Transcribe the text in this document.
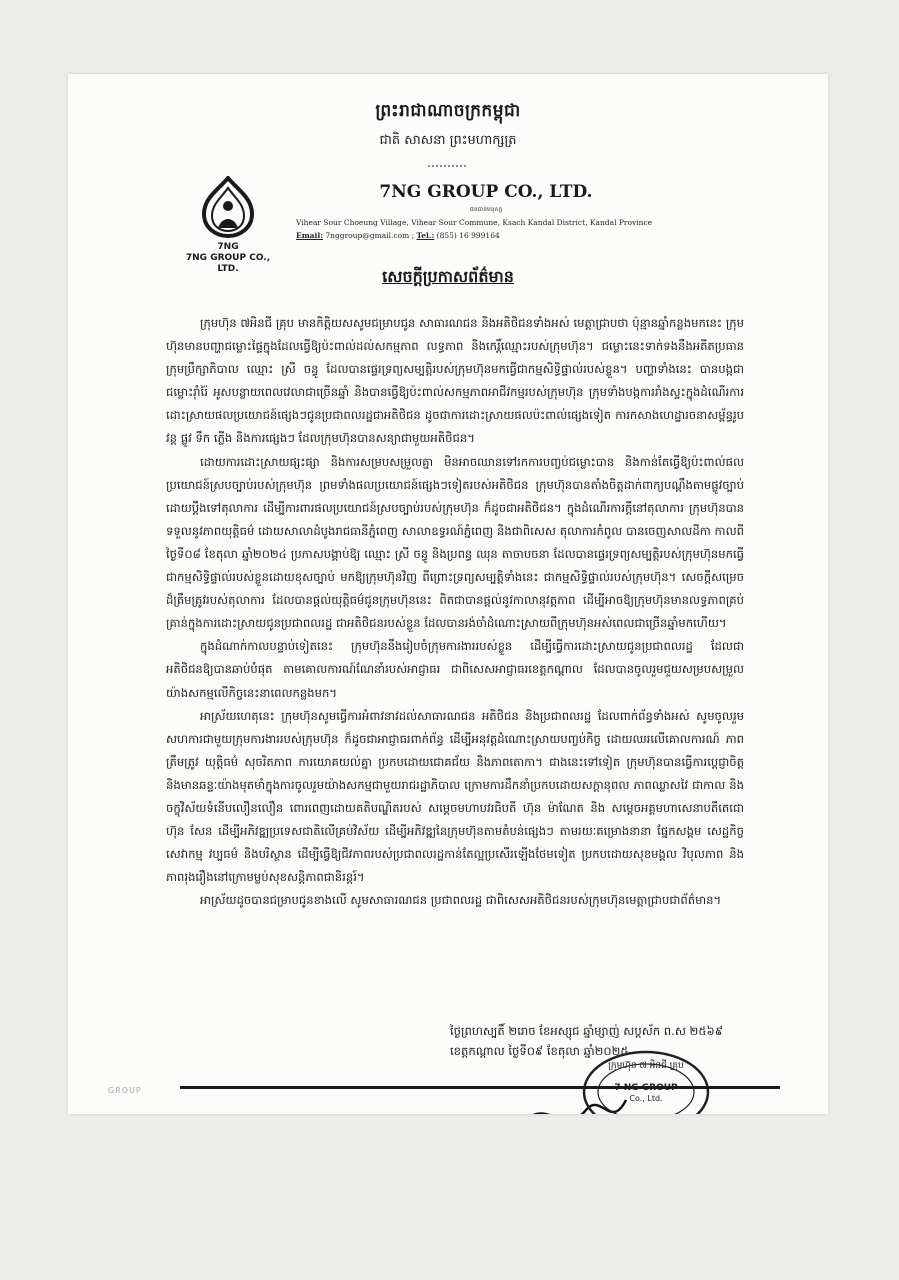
ព្រះរាជាណាចក្រកម្ពុជា
ជាតិ សាសនា ព្រះមហាក្សត្រ
7NG
7NG GROUP CO., LTD.
7NG GROUP CO., LTD.
ធនធានមនុស្ស
Vihear Sour Choeung Village, Vihear Sour Commune, Ksach Kandal District, Kandal Province
Email: 7nggroup@gmail.com ; Tel.: (855) 16 999164
សេចក្តីប្រកាសព័ត៌មាន

ក្រុមហ៊ុន ៧អិនជី គ្រុប មានកិត្តិយសសូមជម្រាបជូន សាធារណជន និងអតិថិជនទាំងអស់ មេត្តាជ្រាបថា ប៉ុន្មានឆ្នាំកន្លងមកនេះ ក្រុមហ៊ុនមានបញ្ហាជម្លោះផ្ទៃក្នុងដែលធ្វើឱ្យប៉ះពាល់ដល់សកម្មភាព លទ្ធភាព និងកេរ្តិ៍ឈ្មោះរបស់ក្រុមហ៊ុន។ ជម្លោះនេះទាក់ទងនឹងអតីតប្រធានក្រុមប្រឹក្សាភិបាល ឈ្មោះ ស្រី ចន្ធូ ដែលបានផ្ទេរទ្រព្យសម្បត្តិរបស់ក្រុមហ៊ុនមកធ្វើជាកម្មសិទ្ធិផ្ទាល់របស់ខ្លួន។ បញ្ហាទាំងនេះ បានបង្កជាជម្លោះរ៉ាំរ៉ៃ អូសបន្លាយពេលវេលាជាច្រើនឆ្នាំ និងបានធ្វើឱ្យប៉ះពាល់សកម្មភាពអាជីវកម្មរបស់ក្រុមហ៊ុន ក្រុមទាំងបង្កការរាំងស្ទះក្នុងដំណើរការដោះស្រាយផលប្រយោជន៍ផ្សេងៗជូនប្រជាពលរដ្ឋជាអតិថិជន ដូចជាការដោះស្រាយផលប៉ះពាល់ផ្សេងទៀត ការកសាងហេដ្ឋារចនាសម្ព័ន្ធរូបវន្ត ផ្លូវ ទឹក ភ្លើង និងការផ្សេងៗ ដែលក្រុមហ៊ុនបានសន្យាជាមួយអតិថិជន។

ដោយការដោះស្រាយផ្សះផ្សា និងការសម្របសម្រួលគ្នា មិនអាចឈានទៅរកការបញ្ចប់ជម្លោះបាន និងកាន់តែធ្វើឱ្យប៉ះពាល់ផលប្រយោជន៍ស្របច្បាប់របស់ក្រុមហ៊ុន ព្រមទាំងផលប្រយោជន៍ផ្សេងៗទៀតរបស់អតិថិជន ក្រុមហ៊ុនបានតាំងចិត្តដាក់ពាក្យបណ្តឹងតាមផ្លូវច្បាប់ ដោយប្តឹងទៅតុលាការ ដើម្បីការពារផលប្រយោជន៍ស្របច្បាប់របស់ក្រុមហ៊ុន ក៏ដូចជាអតិថិជន។ ក្នុងដំណើរការក្តីនៅតុលាការ ក្រុមហ៊ុនបានទទួលនូវភាពយុត្តិធម៌ ដោយសាលាដំបូងរាជធានីភ្នំពេញ សាលាឧទ្ធរណ៍ភ្នំពេញ និងជាពិសេស តុលាការកំពូល បានចេញសាលដីកា កាលពីថ្ងៃទី០៨ ខែតុលា ឆ្នាំ២០២៤ ប្រកាសបង្គាប់ឱ្យ ឈ្មោះ ស្រី ចន្ធូ និងប្រពន្ធ ឈុន តាចាបចនា ដែលបានផ្ទេរទ្រព្យសម្បត្តិរបស់ក្រុមហ៊ុនមកធ្វើជាកម្មសិទ្ធិផ្ទាល់របស់ខ្លួនដោយខុសច្បាប់ មកឱ្យក្រុមហ៊ុនវិញ ពីព្រោះទ្រព្យសម្បត្តិទាំងនេះ ជាកម្មសិទ្ធិផ្ទាល់របស់ក្រុមហ៊ុន។ សេចក្តីសម្រេចដ៏ត្រឹមត្រូវរបស់តុលាការ ដែលបានផ្តល់យុត្តិធម៌ជូនក្រុមហ៊ុននេះ ពិតជាបានផ្តល់នូវកាលានុវត្តភាព ដើម្បីអាចឱ្យក្រុមហ៊ុនមានលទ្ធភាពគ្រប់គ្រាន់ក្នុងការដោះស្រាយជូនប្រជាពលរដ្ឋ ជាអតិថិជនរបស់ខ្លួន ដែលបានរង់ចាំដំណោះស្រាយពីក្រុមហ៊ុនអស់ពេលជាច្រើនឆ្នាំមកហើយ។

ក្នុងដំណាក់កាលបន្ទាប់ទៀតនេះ ក្រុមហ៊ុននឹងរៀបចំក្រុមការងាររបស់ខ្លួន ដើម្បីធ្វើការដោះស្រាយជូនប្រជាពលរដ្ឋ ដែលជាអតិថិជនឱ្យបានឆាប់បំផុត តាមគោលការណ៍ណែនាំរបស់អាជ្ញាធរ ជាពិសេសអាជ្ញាធរខេត្តកណ្តាល ដែលបានចូលរួមជួយសម្របសម្រួលយ៉ាងសកម្មលើកិច្ចនេះនាពេលកន្លងមក។

អាស្រ័យហេតុនេះ ក្រុមហ៊ុនសូមធ្វើការអំពាវនាវដល់សាធារណជន អតិថិជន និងប្រជាពលរដ្ឋ ដែលពាក់ព័ន្ធទាំងអស់ សូមចូលរួមសហការជាមួយក្រុមការងាររបស់ក្រុមហ៊ុន ក៏ដូចជាអាជ្ញាធរពាក់ព័ន្ធ ដើម្បីអនុវត្តដំណោះស្រាយបញ្ចប់កិច្ច ដោយឈរលើគោលការណ៍ ភាពត្រឹមត្រូវ យុត្តិធម៌ សុចរិតភាព ការយោគយល់គ្នា ប្រកបដោយជោគជ័យ និងភាពតោកា។ ជាងនេះទៅទៀត ក្រុមហ៊ុនបានធ្វើការប្តេជ្ញាចិត្ត និងមានឆន្ទៈយ៉ាងមុតមាំក្នុងការចូលរួមយ៉ាងសកម្មជាមួយរាជរដ្ឋាភិបាល ក្រោមការដឹកនាំប្រកបដោយសក្តានុពល ភាពឈ្លាសវៃ ជាកាល និងចក្ខុវិស័យទំនើបលឿនលឿន ពោរពេញដោយគតិបណ្ឌិតរបស់ សម្តេចមហាបវរធិបតី ហ៊ុន ម៉ាណែត និង សម្តេចអគ្គមហាសេនាបតីតេជោ ហ៊ុន សែន ដើម្បីអភិវឌ្ឍប្រទេសជាតិលើគ្រប់វិស័យ ដើម្បីអភិវឌ្ឍនៃក្រុមហ៊ុនតាមតំបន់ផ្សេងៗ តាមរយៈគម្រោងនានា ផ្នែកសង្គម សេដ្ឋកិច្ច សេវាកម្ម វប្បធម៌ និងបរិស្ថាន ដើម្បីធ្វើឱ្យជីវភាពរបស់ប្រជាពលរដ្ឋកាន់តែល្អប្រសើរឡើងថែមទៀត ប្រកបដោយសុខមង្គល វិបុលភាព និងភាពរុងរឿងនៅក្រោមម្លប់សុខសន្តិភាពជានិរន្តរ៍។

អាស្រ័យដូចបានជម្រាបជូនខាងលើ សូមសាធារណជន ប្រជាពលរដ្ឋ ជាពិសេសអតិថិជនរបស់ក្រុមហ៊ុនមេត្តាជ្រាបជាព័ត៌មាន។

ថ្ងៃព្រហស្បតិ៍ ២រោច ខែអស្សុជ ឆ្នាំម្សាញ់ សប្តស័ក ព.ស ២៥៦៩
ខេត្តកណ្តាល ថ្ងៃទី០៩ ខែតុលា ឆ្នាំ២០២៥
ក្រុមហ៊ុន ៧ អិនជី គ្រុប
Co., Ltd.
ក្រុមប្រឹក្សាភិបាល
GROUP
